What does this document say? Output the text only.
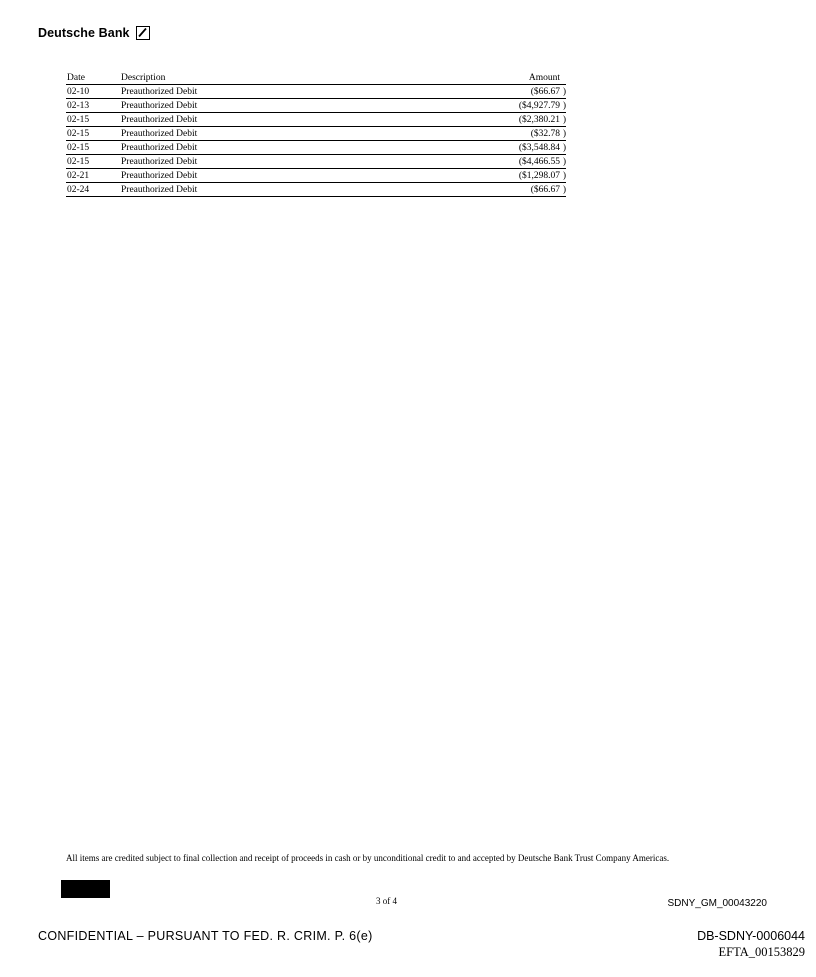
Deutsche Bank
Date	Description	Amount
02-10	Preauthorized Debit	($66.67 )
02-13	Preauthorized Debit	($4,927.79 )
02-15	Preauthorized Debit	($2,380.21 )
02-15	Preauthorized Debit	($32.78 )
02-15	Preauthorized Debit	($3,548.84 )
02-15	Preauthorized Debit	($4,466.55 )
02-21	Preauthorized Debit	($1,298.07 )
02-24	Preauthorized Debit	($66.67 )
All items are credited subject to final collection and receipt of proceeds in cash or by unconditional credit to and accepted by Deutsche Bank Trust Company Americas.
3 of 4	SDNY_GM_00043220
CONFIDENTIAL – PURSUANT TO FED. R. CRIM. P. 6(e)	DB-SDNY-0006044
EFTA_00153829
